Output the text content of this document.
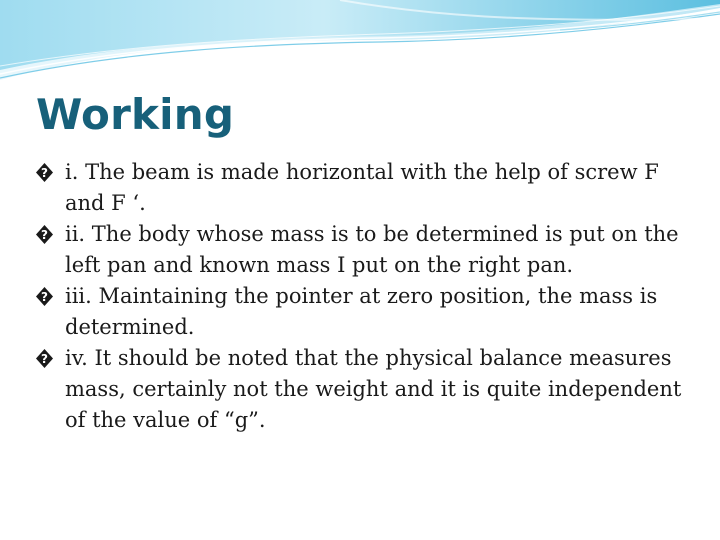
Working
? i. The beam is made horizontal with the help of screw F and F ‘.
? ii. The body whose mass is to be determined is put on the left pan and known mass I put on the right pan.
? iii. Maintaining the pointer at zero position, the mass is determined.
? iv. It should be noted that the physical balance measures mass, certainly not the weight and it is quite independent of the value of “g”.
